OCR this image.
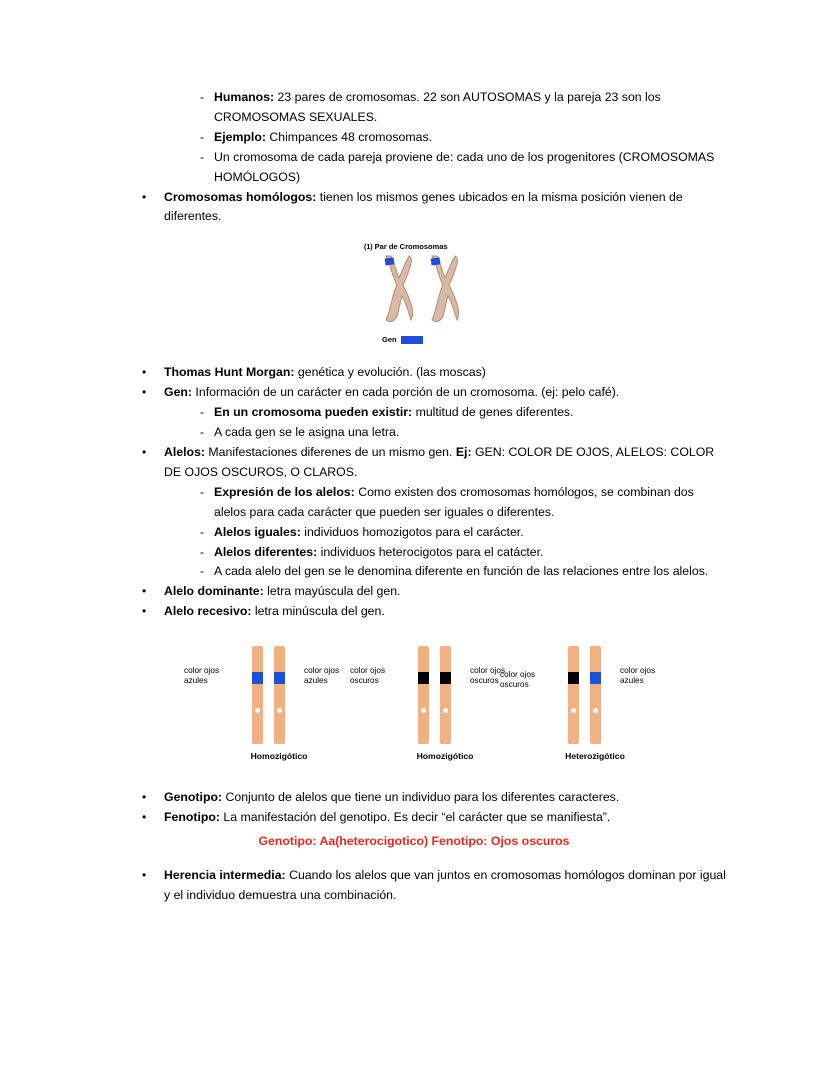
- Humanos: 23 pares de cromosomas. 22 son AUTOSOMAS y la pareja 23 son los CROMOSOMAS SEXUALES.
- Ejemplo: Chimpances 48 cromosomas.
- Un cromosoma de cada pareja proviene de: cada uno de los progenitores (CROMOSOMAS HOMÓLOGOS)
•	Cromosomas homólogos: tienen los mismos genes ubicados en la misma posición vienen de diferentes.
(1) Par de Cromosomas
Gen
•	Thomas Hunt Morgan: genética y evolución. (las moscas)
•	Gen: Información de un carácter en cada porción de un cromosoma. (ej: pelo café).
- En un cromosoma pueden existir: multitud de genes diferentes.
- A cada gen se le asigna una letra.
•	Alelos: Manifestaciones diferenes de un mismo gen. Ej: GEN: COLOR DE OJOS, ALELOS: COLOR DE OJOS OSCUROS, O CLAROS.
- Expresión de los alelos: Como existen dos cromosomas homólogos, se combinan dos alelos para cada carácter que pueden ser iguales o diferentes.
- Alelos iguales: individuos homozigotos para el carácter.
- Alelos diferentes: individuos heterocigotos para el catácter.
- A cada alelo del gen se le denomina diferente en función de las relaciones entre los alelos.
•	Alelo dominante: letra mayúscula del gen.
•	Alelo recesivo: letra minúscula del gen.
color ojos
azules
color ojos
azules
Homozigótico
color ojos
oscuros
color ojos
oscuros
Homozigótico
color ojos
oscuros
color ojos
azules
Heterozigótico
•	Genotipo: Conjunto de alelos que tiene un individuo para los diferentes caracteres.
•	Fenotipo: La manifestación del genotipo. Es decir “el carácter que se manifiesta”.
Genotipo: Aa(heterocigotico) Fenotipo: Ojos oscuros
•	Herencia intermedia: Cuando los alelos que van juntos en cromosomas homólogos dominan por igual y el individuo demuestra una combinación.
